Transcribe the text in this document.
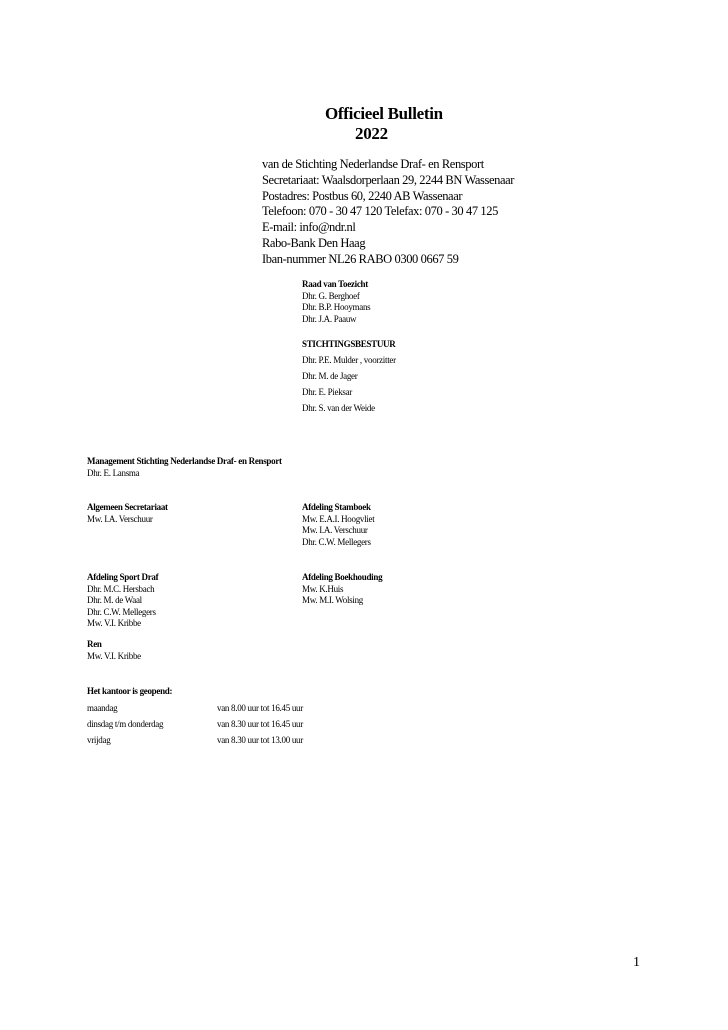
Officieel Bulletin
2022
van de Stichting Nederlandse Draf- en Rensport
Secretariaat: Waalsdorperlaan 29, 2244 BN Wassenaar
Postadres: Postbus 60, 2240 AB Wassenaar
Telefoon: 070 - 30 47 120 Telefax: 070 - 30 47 125
E-mail: info@ndr.nl
Rabo-Bank Den Haag
Iban-nummer NL26 RABO 0300 0667 59
Raad van Toezicht
Dhr. G. Berghoef
Dhr. B.P. Hooymans
Dhr. J.A. Paauw
STICHTINGSBESTUUR
Dhr. P.E. Mulder , voorzitter
Dhr. M. de Jager
Dhr. E. Pieksar
Dhr. S. van der Weide
Management Stichting Nederlandse Draf- en Rensport
Dhr. E. Lansma
Algemeen Secretariaat
Mw. I.A. Verschuur
Afdeling Stamboek
Mw. E.A.I. Hoogvliet
Mw. I.A. Verschuur
Dhr. C.W. Mellegers
Afdeling Sport Draf
Dhr. M.C. Hersbach
Dhr. M. de Waal
Dhr. C.W. Mellegers
Mw. V.I. Kribbe
Afdeling Boekhouding
Mw. K.Huis
Mw. M.I. Wolsing
Ren
Mw. V.I. Kribbe
Het kantoor is geopend:
maandag	van 8.00 uur tot 16.45 uur
dinsdag t/m donderdag	van 8.30 uur tot 16.45 uur
vrijdag	van 8.30 uur tot 13.00 uur
1
